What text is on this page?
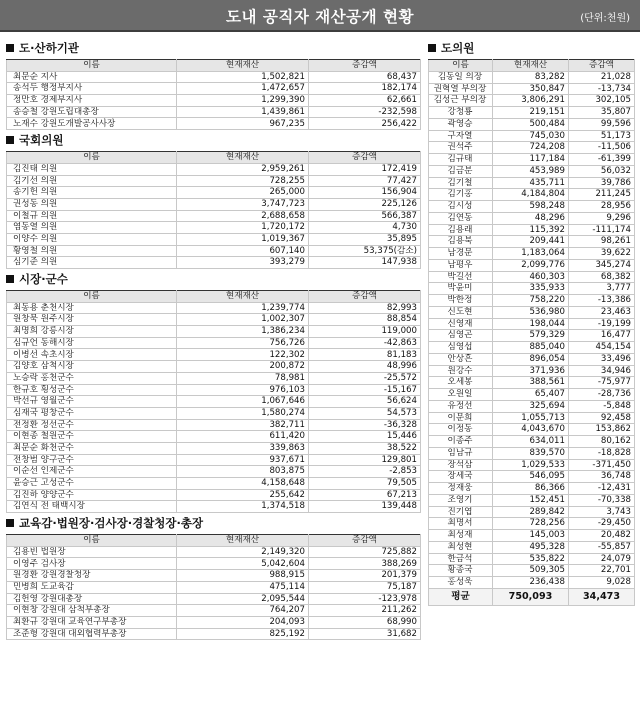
도내 공직자 재산공개 현황	(단위:천원)
도·산하기관
이름	현재재산	증감액
최문순 지사	1,502,821	68,437
송석두 행정부지사	1,472,657	182,174
정만호 경제부지사	1,299,390	62,661
송승철 강원도립대총장	1,439,861	-232,598
노재수 강원도개발공사사장	967,235	256,422
국회의원
이름	현재재산	증감액
김진태 의원	2,959,261	172,419
김기선 의원	728,255	77,427
송기헌 의원	265,000	156,904
권성동 의원	3,747,723	225,126
이철규 의원	2,688,658	566,387
염동열 의원	1,720,172	4,730
이양수 의원	1,019,367	35,895
황영철 의원	607,140	53,375(감소)
심기준 의원	393,279	147,938
시장·군수
이름	현재재산	증감액
최동용 춘천시장	1,239,774	82,993
원창묵 원주시장	1,002,307	88,854
최명희 강릉시장	1,386,234	119,000
심규언 동해시장	756,726	-42,863
이병선 속초시장	122,302	81,183
김양호 삼척시장	200,872	48,996
노승락 홍천군수	78,981	-25,572
한규호 횡성군수	976,103	-15,167
박선규 영월군수	1,067,646	56,624
심재국 평창군수	1,580,274	54,573
전정환 정선군수	382,711	-36,328
이현종 철원군수	611,420	15,446
최문순 화천군수	339,863	38,522
전창범 양구군수	937,671	129,801
이순선 인제군수	803,875	-2,853
윤승근 고성군수	4,158,648	79,505
김진하 양양군수	255,642	67,213
김연식 전 태백시장	1,374,518	139,448
교육감·법원장·검사장·경찰청장·총장
이름	현재재산	증감액
김용빈 법원장	2,149,320	725,882
이영주 검사장	5,042,604	388,269
원경환 강원경찰청장	988,915	201,379
민병희 도교육감	475,114	75,187
김헌영 강원대총장	2,095,544	-123,978
이현창 강원대 삼척부총장	764,207	211,262
최환규 강원대 교육연구부총장	204,093	68,990
조준형 강원대 대외협력부총장	825,192	31,682
도의원
이름	현재재산	증감액
김동일 의장	83,282	21,028
권혁열 부의장	350,847	-13,734
김성근 부의장	3,806,291	302,105
강청룡	219,151	35,807
곽영승	500,484	99,596
구자열	745,030	51,173
권석주	724,208	-11,506
김규태	117,184	-61,399
김금분	453,989	56,032
김기철	435,711	39,786
김기홍	4,184,804	211,245
김시성	598,248	28,956
김연동	48,296	9,296
김용래	115,392	-111,174
김용북	209,441	98,261
남경문	1,183,064	39,622
남평우	2,099,776	345,274
박길선	460,303	68,382
박윤미	335,933	3,777
박한정	758,220	-13,386
신도현	536,980	23,463
신영재	198,044	-19,199
심영곤	579,329	16,477
심영섭	885,040	454,154
안상흔	896,054	33,496
원강수	371,936	34,946
오세봉	388,561	-75,977
오원일	65,407	-28,736
유정선	325,694	-5,848
이문희	1,055,713	92,458
이정동	4,043,670	153,862
이종주	634,011	80,162
임남규	839,570	-18,828
장석삼	1,029,533	-371,450
장세국	546,095	36,748
정재웅	86,366	-12,431
조영기	152,451	-70,338
진기엽	289,842	3,743
최명서	728,256	-29,450
최성재	145,003	20,482
최성현	495,328	-55,857
한금석	535,822	24,079
황종국	509,305	22,701
홍성욱	236,438	9,028
평균	750,093	34,473
